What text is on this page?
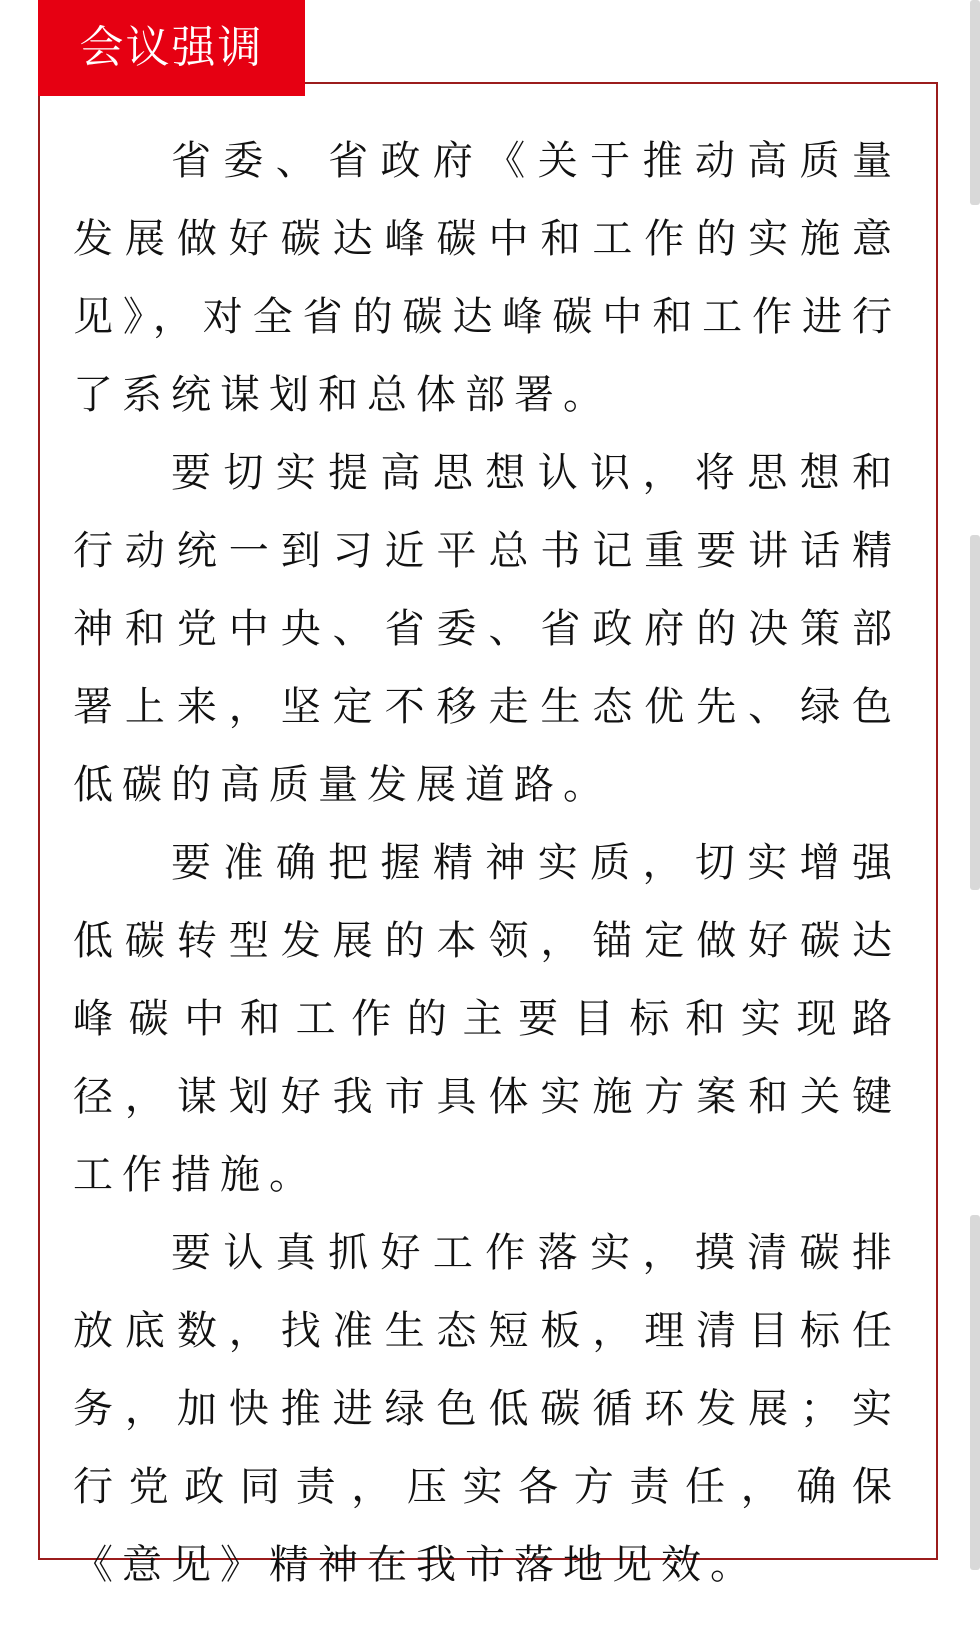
会议强调

省委、省政府《关于推动高质量发展做好碳达峰碳中和工作的实施意见》，对全省的碳达峰碳中和工作进行了系统谋划和总体部署。

要切实提高思想认识，将思想和行动统一到习近平总书记重要讲话精神和党中央、省委、省政府的决策部署上来，坚定不移走生态优先、绿色低碳的高质量发展道路。

要准确把握精神实质，切实增强低碳转型发展的本领，锚定做好碳达峰碳中和工作的主要目标和实现路径，谋划好我市具体实施方案和关键工作措施。

要认真抓好工作落实，摸清碳排放底数，找准生态短板，理清目标任务，加快推进绿色低碳循环发展；实行党政同责，压实各方责任，确保《意见》精神在我市落地见效。
